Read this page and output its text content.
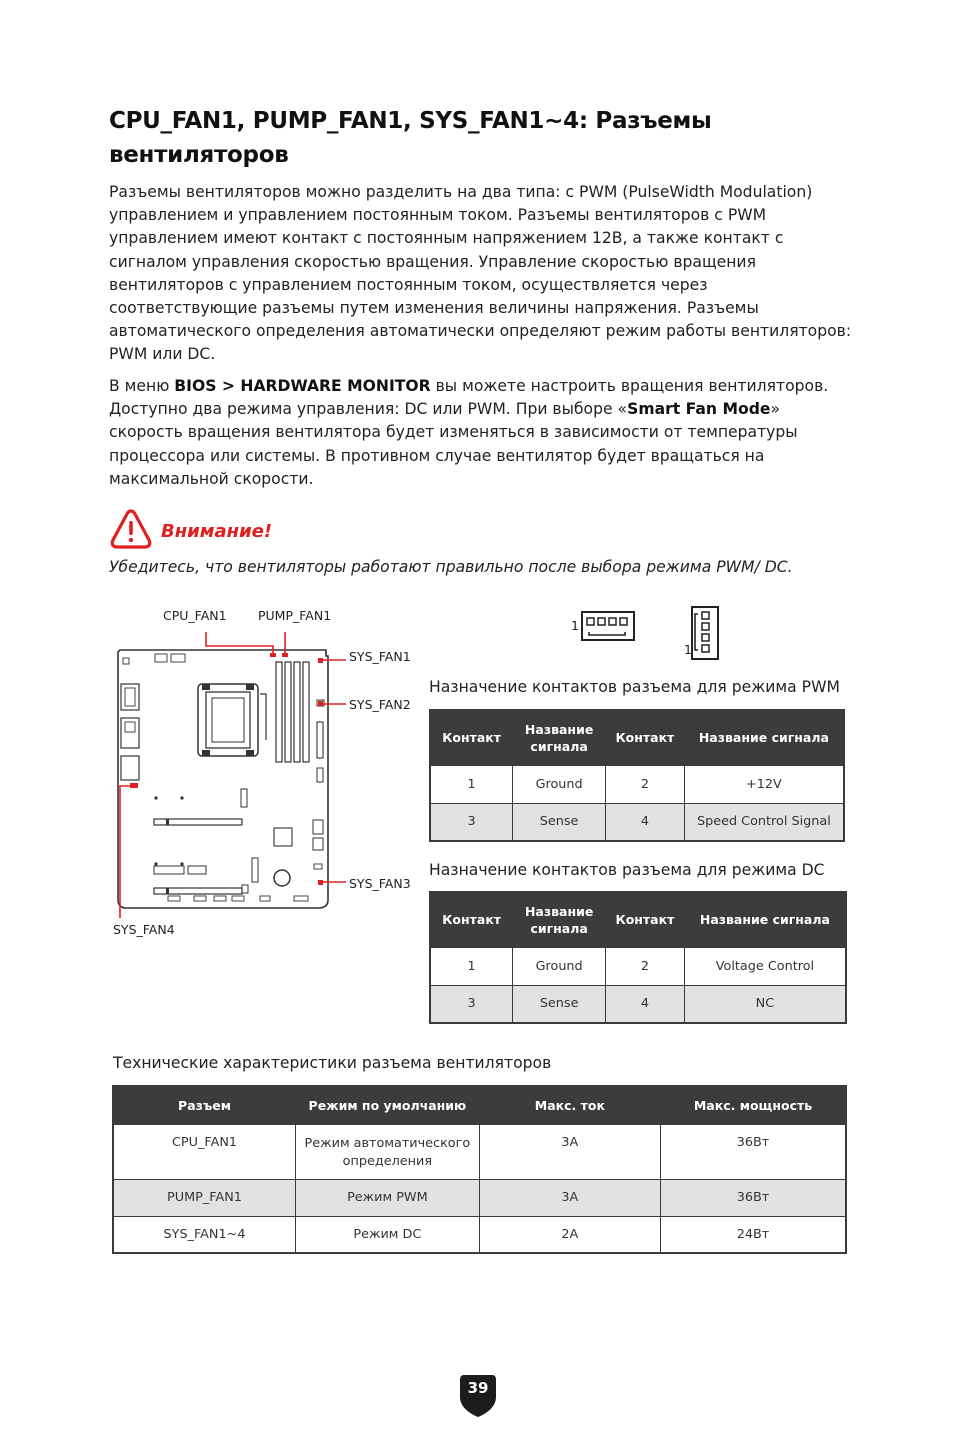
CPU_FAN1, PUMP_FAN1, SYS_FAN1~4: Разъемы вентиляторов

Разъемы вентиляторов можно разделить на два типа: с PWM (PulseWidth Modulation) управлением и управлением постоянным током. Разъемы вентиляторов с PWM управлением имеют контакт с постоянным напряжением 12В, а также контакт с сигналом управления скоростью вращения. Управление скоростью вращения вентиляторов с управлением постоянным током, осуществляется через соответствующие разъемы путем изменения величины напряжения. Разъемы автоматического определения автоматически определяют режим работы вентиляторов: PWM или DC.

В меню BIOS > HARDWARE MONITOR вы можете настроить вращения вентиляторов. Доступно два режима управления: DC или PWM. При выборе «Smart Fan Mode» скорость вращения вентилятора будет изменяться в зависимости от температуры процессора или системы. В противном случае вентилятор будет вращаться на максимальной скорости.

Внимание!
Убедитесь, что вентиляторы работают правильно после выбора режима PWM/ DC.
CPU_FAN1	PUMP_FAN1
SYS_FAN1
SYS_FAN2
SYS_FAN3
SYS_FAN4
1
1
Назначение контактов разъема для режима PWM
Контакт	Название сигнала	Контакт	Название сигнала
1	Ground	2	+12V
3	Sense	4	Speed Control Signal
Назначение контактов разъема для режима DC
Контакт	Название сигнала	Контакт	Название сигнала
1	Ground	2	Voltage Control
3	Sense	4	NC
Технические характеристики разъема вентиляторов
Разъем	Режим по умолчанию	Макс. ток	Макс. мощность
CPU_FAN1	Режим автоматического определения	3A	36Вт
PUMP_FAN1	Режим PWM	3A	36Вт
SYS_FAN1~4	Режим DC	2A	24Вт
39
